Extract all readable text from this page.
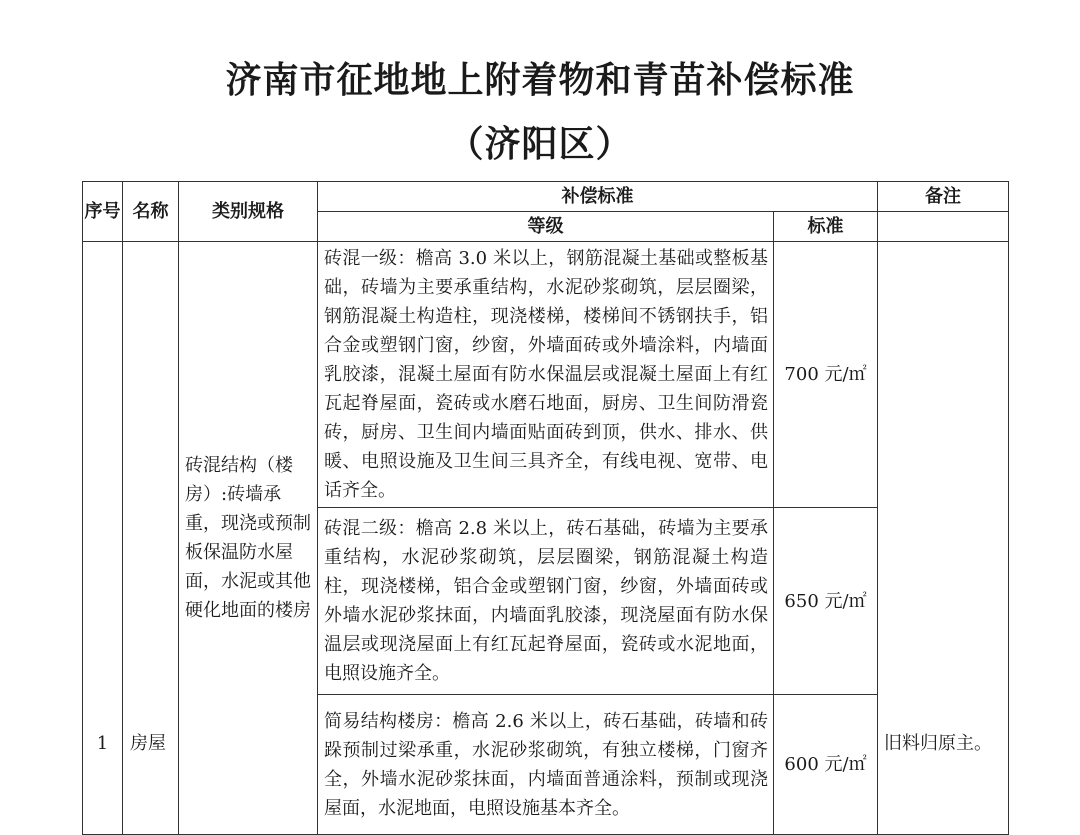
济南市征地地上附着物和青苗补偿标准
（济阳区）
序号	名称	类别规格	补偿标准		备注
			等级	标准	
1	房屋	砖混结构（楼房）:砖墙承重，现浇或预制板保温防水屋面，水泥或其他硬化地面的楼房	砖混一级：檐高 3.0 米以上，钢筋混凝土基础或整板基础，砖墙为主要承重结构，水泥砂浆砌筑，层层圈梁，钢筋混凝土构造柱，现浇楼梯，楼梯间不锈钢扶手，铝合金或塑钢门窗，纱窗，外墙面砖或外墙涂料，内墙面乳胶漆，混凝土屋面有防水保温层或混凝土屋面上有红瓦起脊屋面，瓷砖或水磨石地面，厨房、卫生间防滑瓷砖，厨房、卫生间内墙面贴面砖到顶，供水、排水、供暖、电照设施及卫生间三具齐全，有线电视、宽带、电话齐全。	700 元/㎡	旧料归原主。
			砖混二级：檐高 2.8 米以上，砖石基础，砖墙为主要承重结构，水泥砂浆砌筑，层层圈梁，钢筋混凝土构造柱，现浇楼梯，铝合金或塑钢门窗，纱窗，外墙面砖或外墙水泥砂浆抹面，内墙面乳胶漆，现浇屋面有防水保温层或现浇屋面上有红瓦起脊屋面，瓷砖或水泥地面，电照设施齐全。	650 元/㎡	
			简易结构楼房：檐高 2.6 米以上，砖石基础，砖墙和砖跺预制过梁承重，水泥砂浆砌筑，有独立楼梯，门窗齐全，外墙水泥砂浆抹面，内墙面普通涂料，预制或现浇屋面，水泥地面，电照设施基本齐全。	600 元/㎡	
